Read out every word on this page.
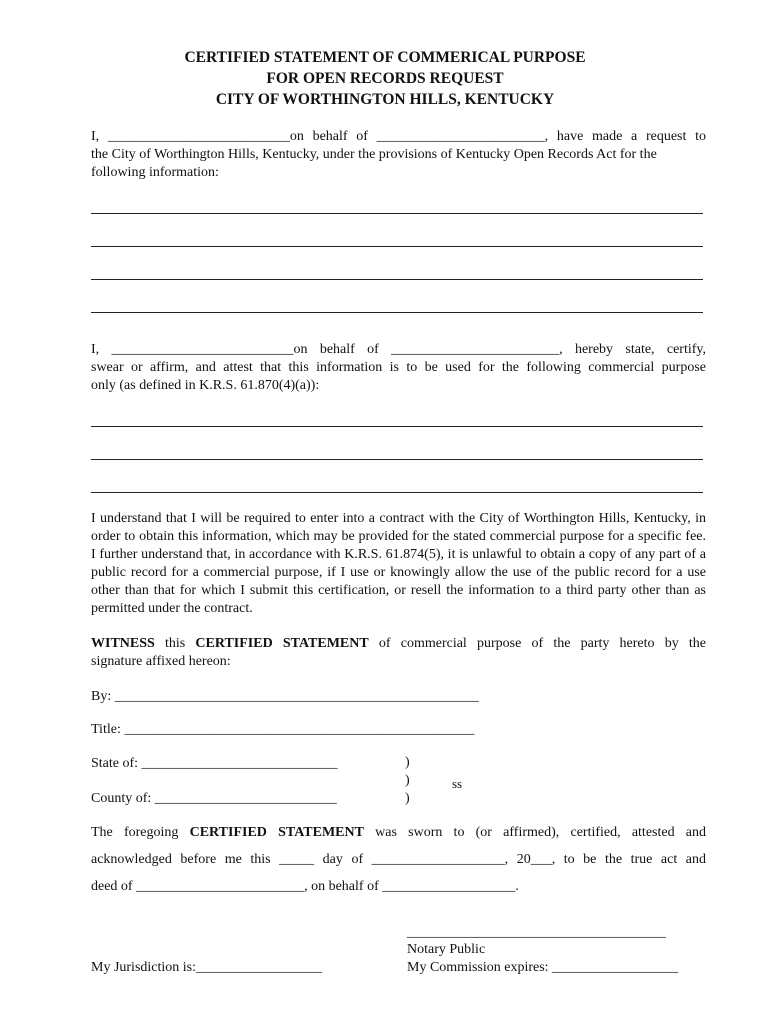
CERTIFIED STATEMENT OF COMMERICAL PURPOSE
FOR OPEN RECORDS REQUEST
CITY OF WORTHINGTON HILLS, KENTUCKY
I, __________________________on behalf of ________________________, have made a request to
the City of Worthington Hills, Kentucky, under the provisions of Kentucky Open Records Act for the
following information:
I, __________________________on behalf of ________________________, hereby state, certify,
swear or affirm, and attest that this information is to be used for the following commercial purpose
only (as defined in K.R.S. 61.870(4)(a)):
I understand that I will be required to enter into a contract with the City of Worthington Hills, Kentucky, in order to obtain this information, which may be provided for the stated commercial purpose for a specific fee. I further understand that, in accordance with K.R.S. 61.874(5), it is unlawful to obtain a copy of any part of a public record for a commercial purpose, if I use or knowingly allow the use of the public record for a use other than that for which I submit this certification, or resell the information to a third party other than as permitted under the contract.
WITNESS this CERTIFIED STATEMENT of commercial purpose of the party hereto by the
signature affixed hereon:
By: ____________________________________________________
Title: __________________________________________________
State of: ____________________________
County of: __________________________
)
)
)
ss
The foregoing CERTIFIED STATEMENT was sworn to (or affirmed), certified, attested and
acknowledged before me this _____ day of ___________________, 20___, to be the true act and
deed of ________________________, on behalf of ___________________.
_____________________________________
Notary Public
My Commission expires: __________________
My Jurisdiction is:__________________
